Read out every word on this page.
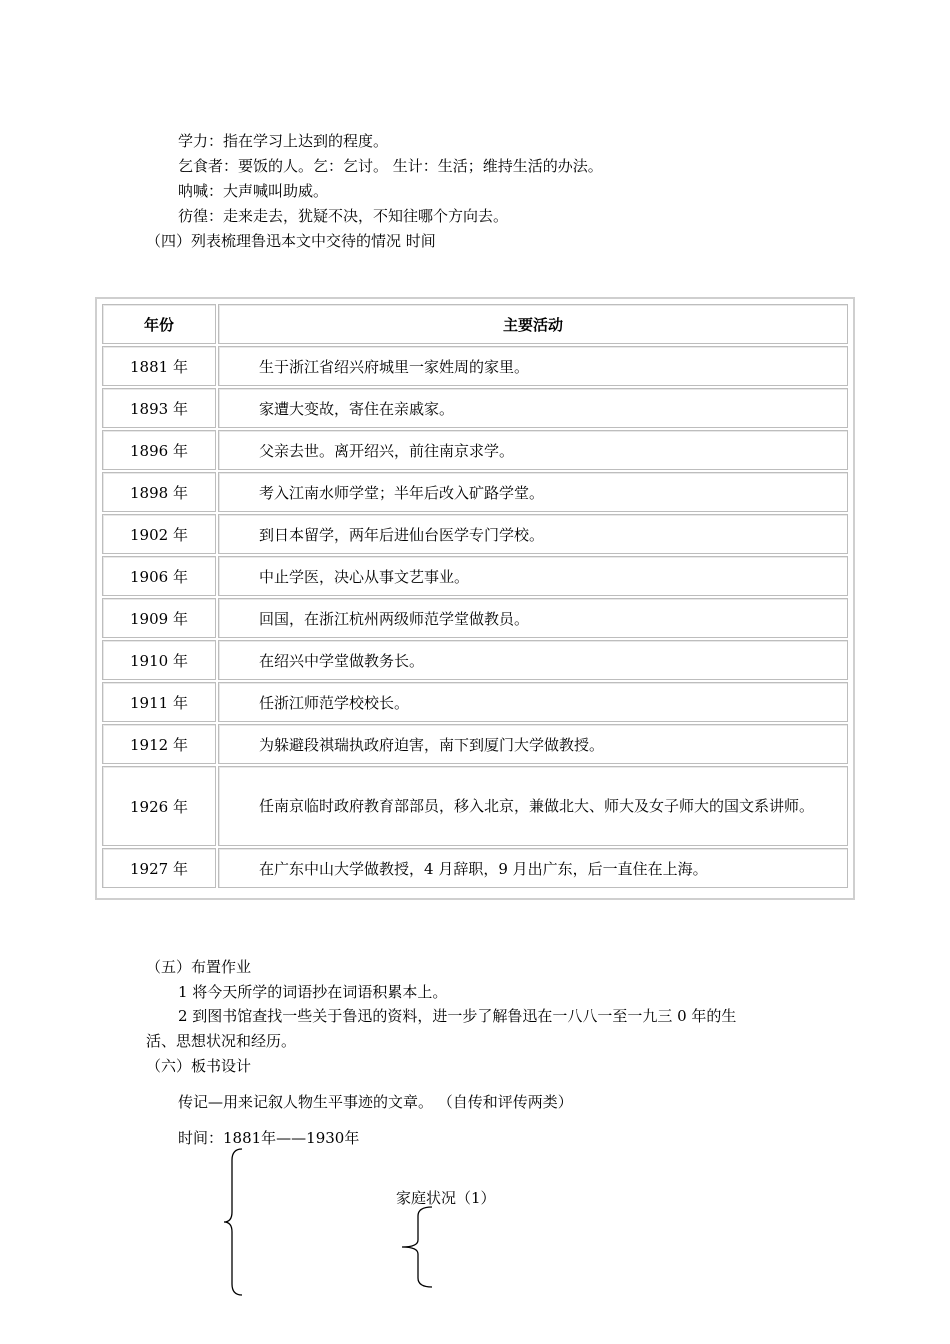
学力：指在学习上达到的程度。
乞食者：要饭的人。乞：乞讨。 生计：生活；维持生活的办法。
呐喊：大声喊叫助威。
彷徨：走来走去，犹疑不决，不知往哪个方向去。
（四）列表梳理鲁迅本文中交待的情况 时间
年份	主要活动
1881 年	生于浙江省绍兴府城里一家姓周的家里。
1893 年	家遭大变故，寄住在亲戚家。
1896 年	父亲去世。离开绍兴，前往南京求学。
1898 年	考入江南水师学堂；半年后改入矿路学堂。
1902 年	到日本留学，两年后进仙台医学专门学校。
1906 年	中止学医，决心从事文艺事业。
1909 年	回国，在浙江杭州两级师范学堂做教员。
1910 年	在绍兴中学堂做教务长。
1911 年	任浙江师范学校校长。
1912 年	为躲避段祺瑞执政府迫害，南下到厦门大学做教授。
1926 年	任南京临时政府教育部部员，移入北京，兼做北大、师大及女子师大的国文系讲师。
1927 年	在广东中山大学做教授，4 月辞职，9 月出广东，后一直住在上海。
（五）布置作业
1 将今天所学的词语抄在词语积累本上。
2 到图书馆查找一些关于鲁迅的资料，进一步了解鲁迅在一八八一至一九三 0 年的生
活、思想状况和经历。
（六）板书设计
传记—用来记叙人物生平事迹的文章。 （自传和评传两类）
时间：1881年——1930年
家庭状况（1）
